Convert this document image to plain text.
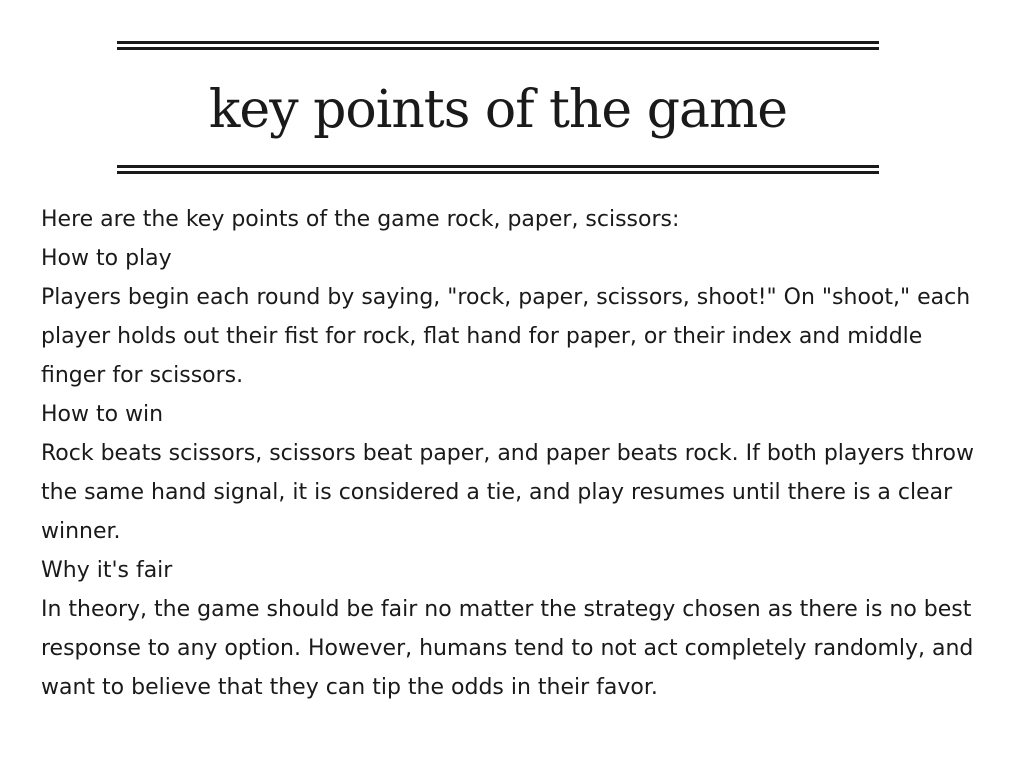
key points of the game

Here are the key points of the game rock, paper, scissors:

How to play

Players begin each round by saying, "rock, paper, scissors, shoot!" On "shoot," each player holds out their fist for rock, flat hand for paper, or their index and middle finger for scissors.

How to win

Rock beats scissors, scissors beat paper, and paper beats rock. If both players throw the same hand signal, it is considered a tie, and play resumes until there is a clear winner.

Why it's fair

In theory, the game should be fair no matter the strategy chosen as there is no best response to any option. However, humans tend to not act completely randomly, and want to believe that they can tip the odds in their favor.
